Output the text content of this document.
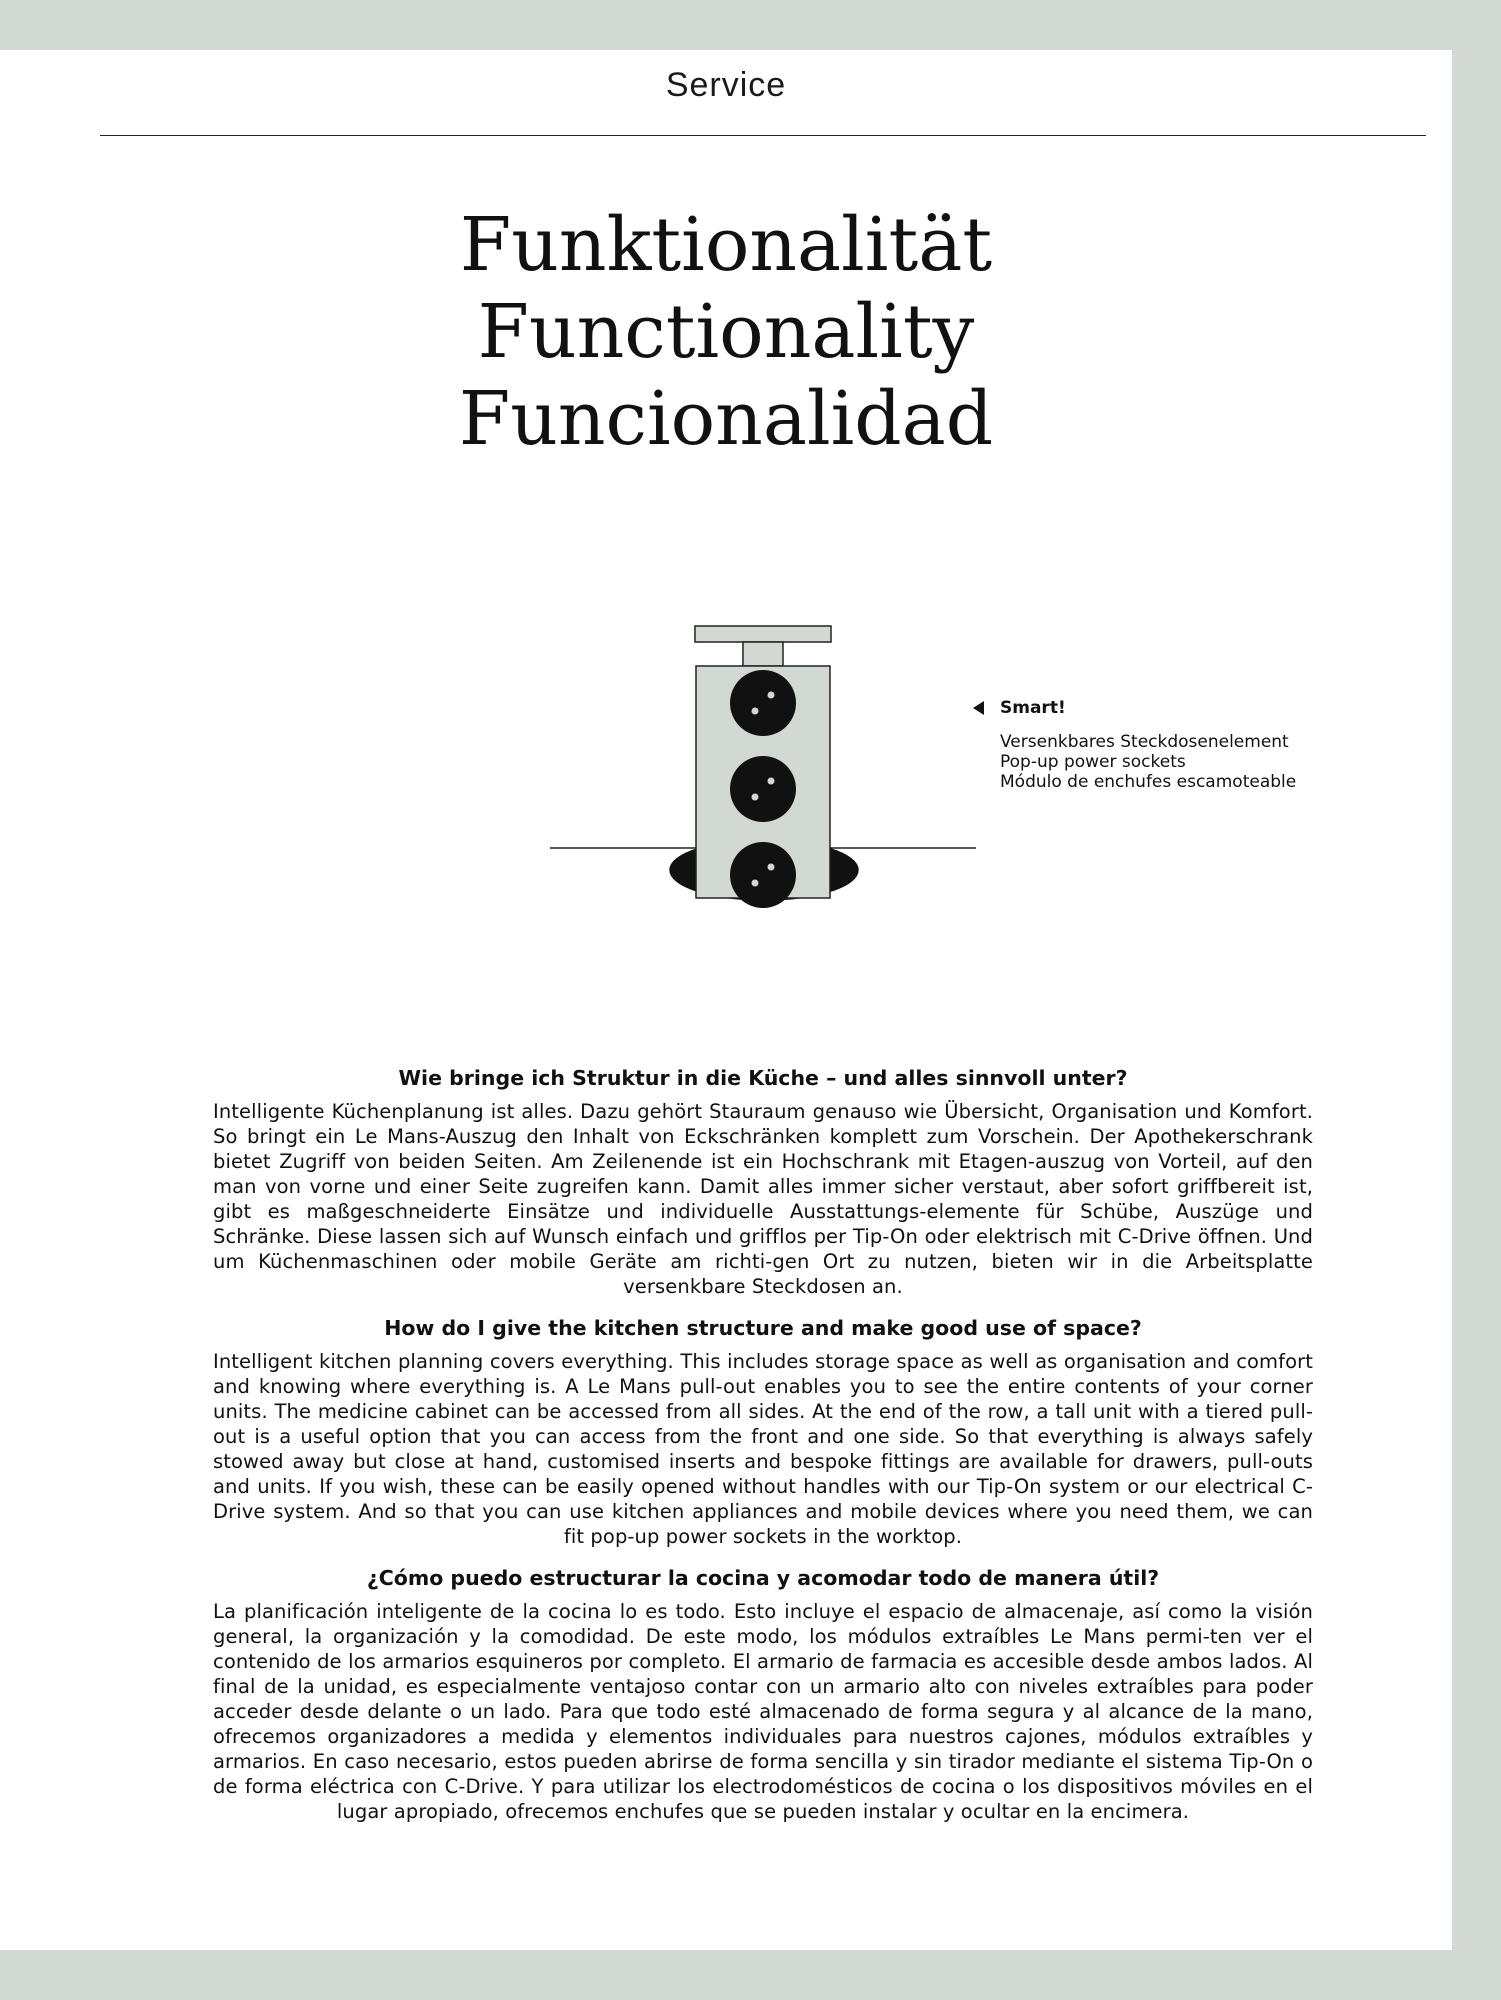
Service
Funktionalität
Functionality
Funcionalidad
Smart!
Versenkbares Steckdosenelement
Pop-up power sockets
Módulo de enchufes escamoteable
Wie bringe ich Struktur in die Küche – und alles sinnvoll unter?

Intelligente Küchenplanung ist alles. Dazu gehört Stauraum genauso wie Übersicht, Organisation und Komfort. So bringt ein Le Mans-Auszug den Inhalt von Eckschränken komplett zum Vorschein. Der Apothekerschrank bietet Zugriff von beiden Seiten. Am Zeilenende ist ein Hochschrank mit Etagen-auszug von Vorteil, auf den man von vorne und einer Seite zugreifen kann. Damit alles immer sicher verstaut, aber sofort griffbereit ist, gibt es maßgeschneiderte Einsätze und individuelle Ausstattungs-elemente für Schübe, Auszüge und Schränke. Diese lassen sich auf Wunsch einfach und grifflos per Tip-On oder elektrisch mit C-Drive öffnen. Und um Küchenmaschinen oder mobile Geräte am richti-gen Ort zu nutzen, bieten wir in die Arbeitsplatte versenkbare Steckdosen an.

How do I give the kitchen structure and make good use of space?

Intelligent kitchen planning covers everything. This includes storage space as well as organisation and comfort and knowing where everything is. A Le Mans pull-out enables you to see the entire contents of your corner units. The medicine cabinet can be accessed from all sides. At the end of the row, a tall unit with a tiered pull-out is a useful option that you can access from the front and one side. So that everything is always safely stowed away but close at hand, customised inserts and bespoke fittings are available for drawers, pull-outs and units. If you wish, these can be easily opened without handles with our Tip-On system or our electrical C-Drive system. And so that you can use kitchen appliances and mobile devices where you need them, we can fit pop-up power sockets in the worktop.

¿Cómo puedo estructurar la cocina y acomodar todo de manera útil?

La planificación inteligente de la cocina lo es todo. Esto incluye el espacio de almacenaje, así como la visión general, la organización y la comodidad. De este modo, los módulos extraíbles Le Mans permi-ten ver el contenido de los armarios esquineros por completo. El armario de farmacia es accesible desde ambos lados. Al final de la unidad, es especialmente ventajoso contar con un armario alto con niveles extraíbles para poder acceder desde delante o un lado. Para que todo esté almacenado de forma segura y al alcance de la mano, ofrecemos organizadores a medida y elementos individuales para nuestros cajones, módulos extraíbles y armarios. En caso necesario, estos pueden abrirse de forma sencilla y sin tirador mediante el sistema Tip-On o de forma eléctrica con C-Drive. Y para utilizar los electrodomésticos de cocina o los dispositivos móviles en el lugar apropiado, ofrecemos enchufes que se pueden instalar y ocultar en la encimera.
